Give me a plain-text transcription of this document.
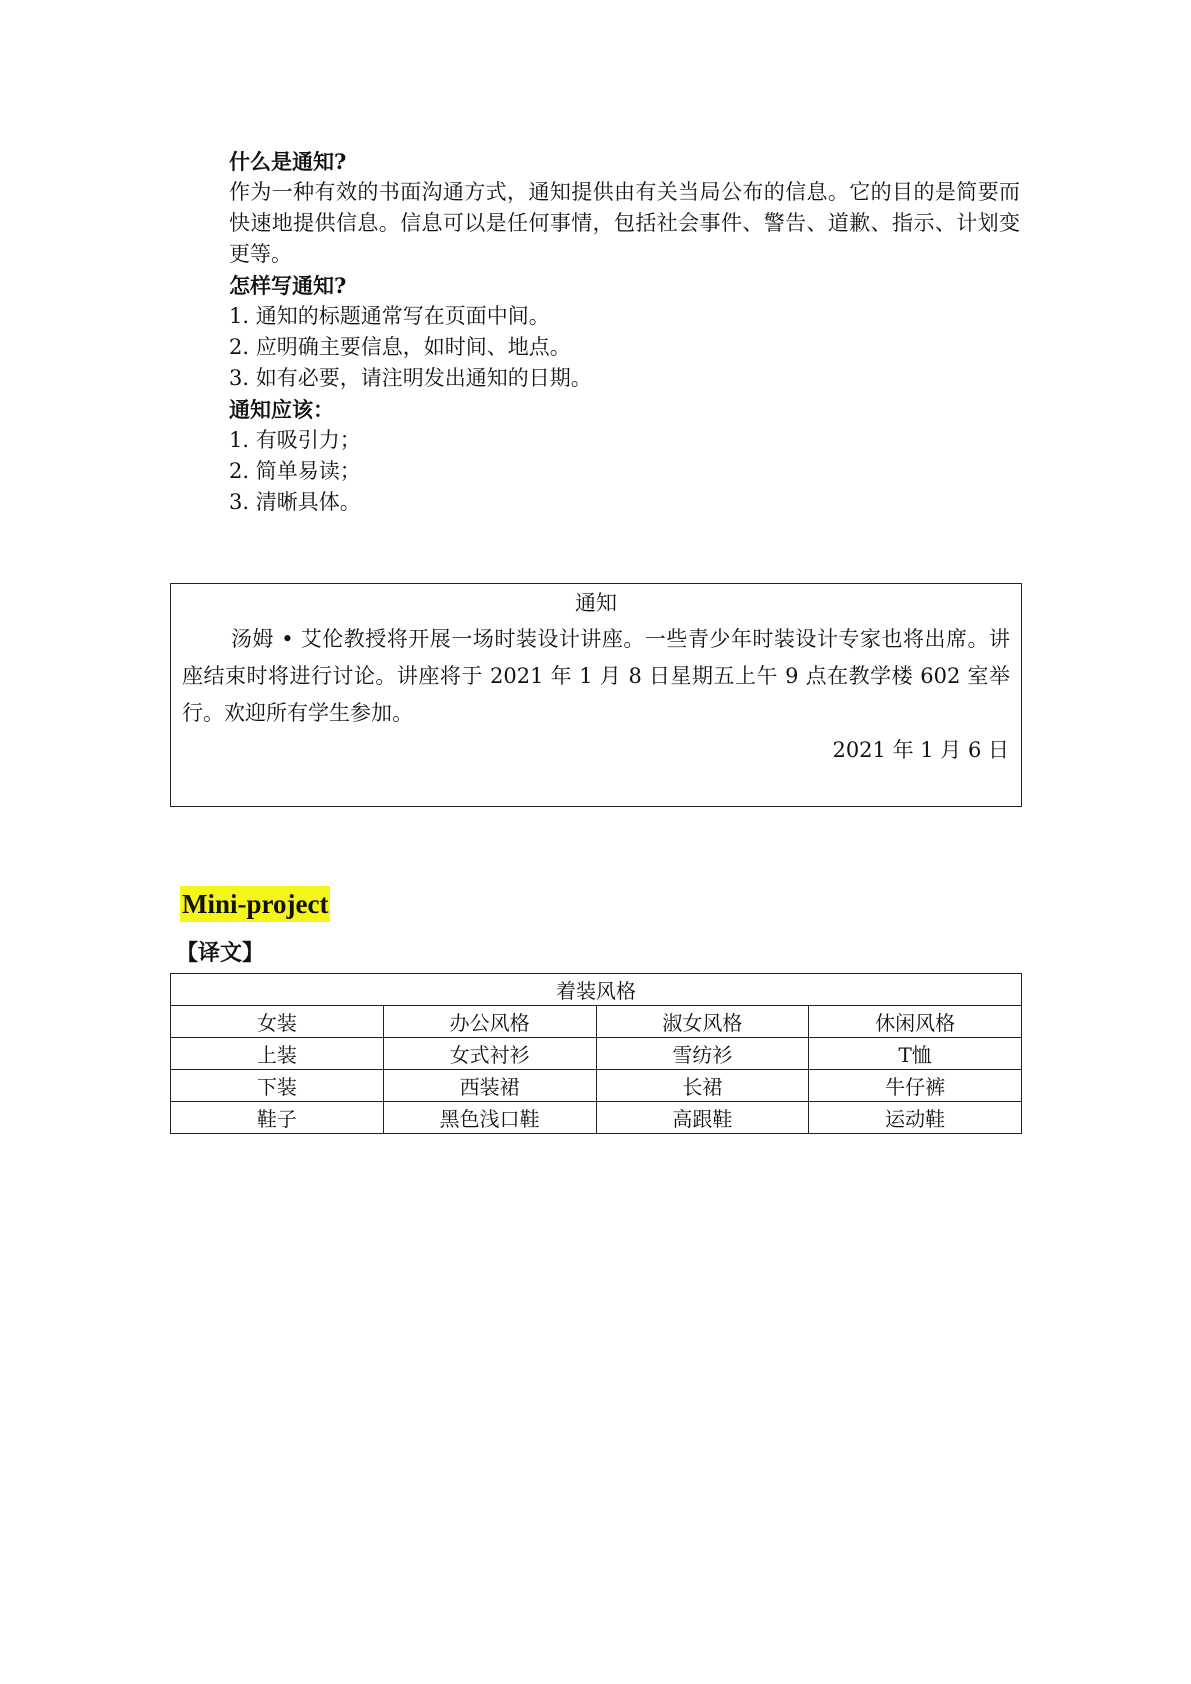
什么是通知?
作为一种有效的书面沟通方式，通知提供由有关当局公布的信息。它的目的是简要而快速地提供信息。信息可以是任何事情，包括社会事件、警告、道歉、指示、计划变更等。
怎样写通知?
1. 通知的标题通常写在页面中间。
2. 应明确主要信息，如时间、地点。
3. 如有必要，请注明发出通知的日期。
通知应该：
1. 有吸引力；
2. 简单易读；
3. 清晰具体。
通知
汤姆 • 艾伦教授将开展一场时装设计讲座。一些青少年时装设计专家也将出席。讲座结束时将进行讨论。讲座将于 2021 年 1 月 8 日星期五上午 9 点在教学楼 602 室举行。欢迎所有学生参加。
2021 年 1 月 6 日
Mini-project
【译文】
着装风格			
女装	办公风格	淑女风格	休闲风格
上装	女式衬衫	雪纺衫	T恤
下装	西装裙	长裙	牛仔裤
鞋子	黑色浅口鞋	高跟鞋	运动鞋
